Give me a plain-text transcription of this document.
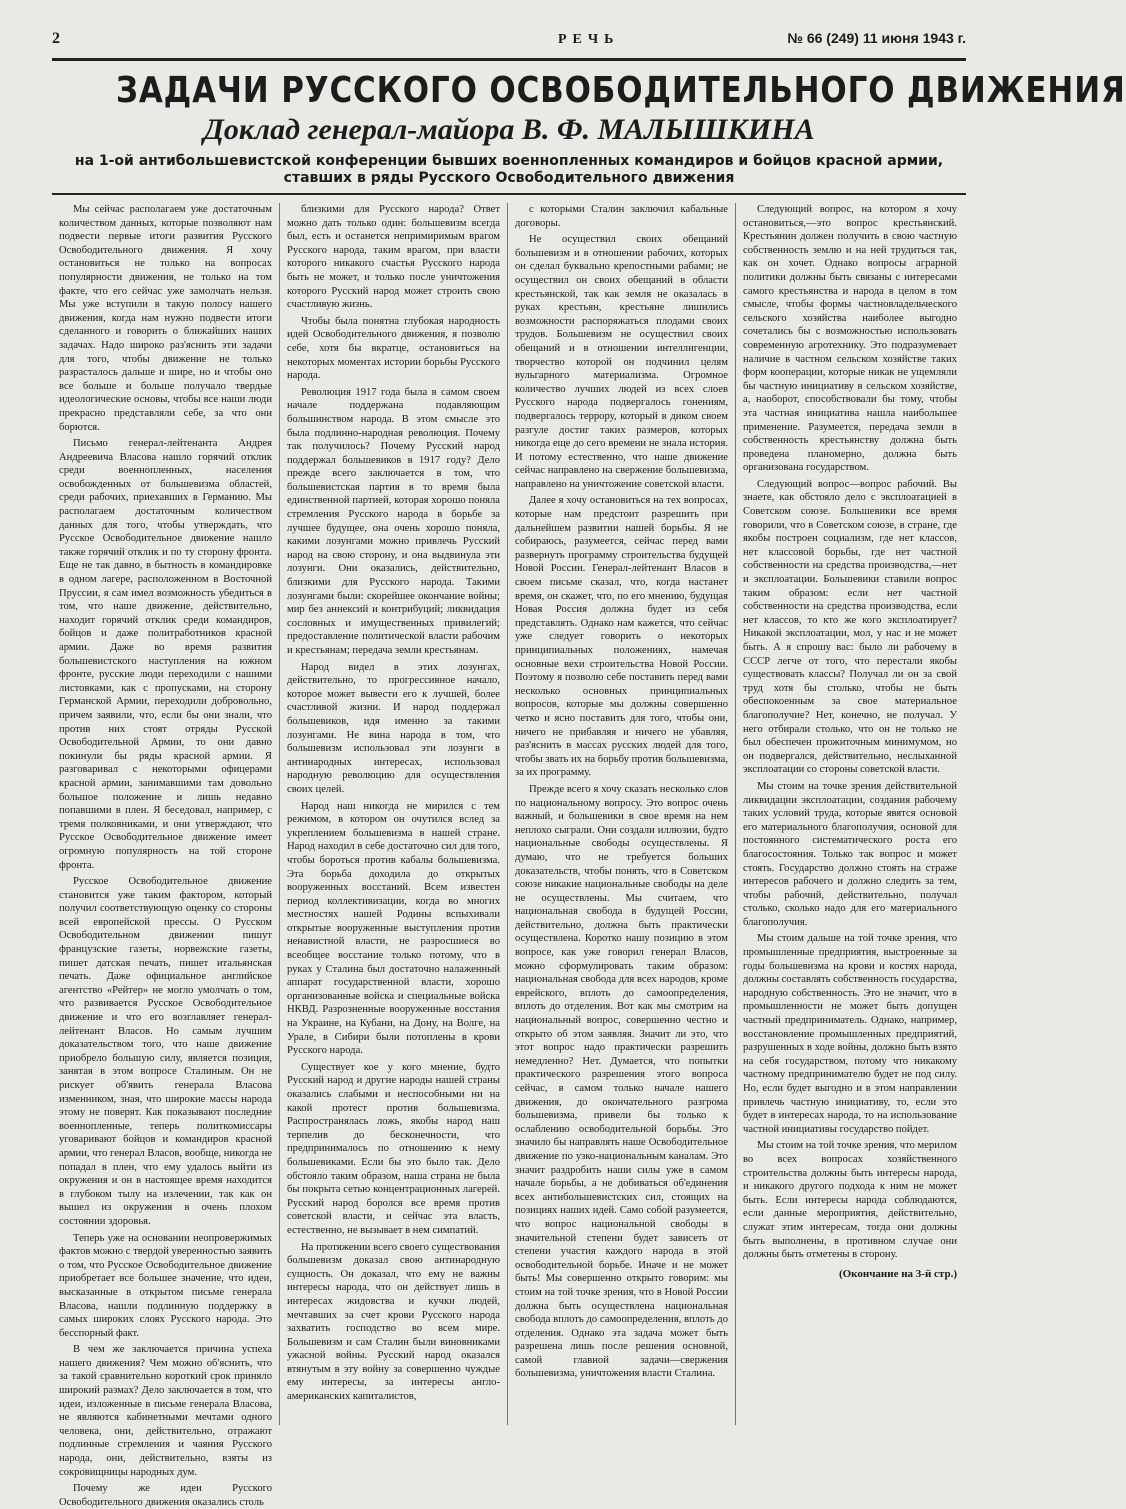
2	РЕЧЬ	№ 66 (249) 11 июня 1943 г.
ЗАДАЧИ РУССКОГО ОСВОБОДИТЕЛЬНОГО ДВИЖЕНИЯ
Доклад генерал-майора В. Ф. МАЛЫШКИНА
на 1-ой антибольшевистской конференции бывших военнопленных командиров и бойцов красной армии, ставших в ряды Русского Освободительного движения

Мы сейчас располагаем уже достаточным количеством данных, которые позволяют нам подвести первые итоги развития Русского Освободительного движения. Я хочу остановиться не только на вопросах популярности движения, не только на том факте, что его сейчас уже замолчать нельзя. Мы уже вступили в такую полосу нашего движения, когда нам нужно подвести итоги сделанного и говорить о ближайших наших задачах. Надо широко раз'яснить эти задачи для того, чтобы движение не только разрасталось дальше и шире, но и чтобы оно все больше и больше получало твердые идеологические основы, чтобы все наши люди прекрасно представляли себе, за что они борются.

Письмо генерал-лейтенанта Андрея Андреевича Власова нашло горячий отклик среди военнопленных, населения освобожденных от большевизма областей, среди рабочих, приехавших в Германию. Мы располагаем достаточным количеством данных для того, чтобы утверждать, что Русское Освободительное движение нашло также горячий отклик и по ту сторону фронта. Еще не так давно, в бытность в командировке в одном лагере, расположенном в Восточной Пруссии, я сам имел возможность убедиться в том, что наше движение, действительно, находит горячий отклик среди командиров, бойцов и даже политработников красной армии. Даже во время развития большевистского наступления на южном фронте, русские люди переходили с нашими листовками, как с пропусками, на сторону Германской Армии, переходили добровольно, причем заявили, что, если бы они знали, что против них стоят отряды Русской Освободительной Армии, то они давно покинули бы ряды красной армии. Я разговаривал с некоторыми офицерами красной армии, занимавшими там довольно большое положение и лишь недавно попавшими в плен. Я беседовал, например, с тремя полковниками, и они утверждают, что Русское Освободительное движение имеет огромную популярность на той стороне фронта.

Русское Освободительное движение становится уже таким фактором, который получил соответствующую оценку со стороны всей европейской прессы. О Русском Освободительном движении пишут французские газеты, норвежские газеты, пишет датская печать, пишет итальянская печать. Даже официальное английское агентство «Рейтер» не могло умолчать о том, что развивается Русское Освободительное движение и что его возглавляет генерал-лейтенант Власов. Но самым лучшим доказательством того, что наше движение приобрело большую силу, является позиция, занятая в этом вопросе Сталиным. Он не рискует об'явить генерала Власова изменником, зная, что широкие массы народа этому не поверят. Как показывают последние военнопленные, теперь политкомиссары уговаривают бойцов и командиров красной армии, что генерал Власов, вообще, никогда не попадал в плен, что ему удалось выйти из окружения и он в настоящее время находится в глубоком тылу на излечении, так как он вышел из окружения в очень плохом состоянии здоровья.

Теперь уже на основании неопровержимых фактов можно с твердой уверенностью заявить о том, что Русское Освободительное движение приобретает все большее значение, что идеи, высказанные в открытом письме генерала Власова, нашли подлинную поддержку в самых широких слоях Русского народа. Это бесспорный факт.

В чем же заключается причина успеха нашего движения? Чем можно об'яснить, что за такой сравнительно короткий срок приняло широкий размах? Дело заключается в том, что идеи, изложенные в письме генерала Власова, не являются кабинетными мечтами одного человека, они, действительно, отражают подлинные стремления и чаяния Русского народа, они, действительно, взяты из сокровищницы народных дум.

Почему же идеи Русского Освободительного движения оказались столь

близкими для Русского народа? Ответ можно дать только один: большевизм всегда был, есть и останется непримиримым врагом Русского народа, таким врагом, при власти которого никакого счастья Русского народа быть не может, и только после уничтожения которого Русский народ может строить свою счастливую жизнь.

Чтобы была понятна глубокая народность идей Освободительного движения, я позволю себе, хотя бы вкратце, остановиться на некоторых моментах истории борьбы Русского народа.

Революция 1917 года была в самом своем начале поддержана подавляющим большинством народа. В этом смысле это была подлинно-народная революция. Почему так получилось? Почему Русский народ поддержал большевиков в 1917 году? Дело прежде всего заключается в том, что большевистская партия в то время была единственной партией, которая хорошо поняла стремления Русского народа в борьбе за лучшее будущее, она очень хорошо поняла, какими лозунгами можно привлечь Русский народ на свою сторону, и она выдвинула эти лозунги. Они оказались, действительно, близкими для Русского народа. Такими лозунгами были: скорейшее окончание войны; мир без аннексий и контрибуций; ликвидация сословных и имущественных привилегий; предоставление политической власти рабочим и крестьянам; передача земли крестьянам.

Народ видел в этих лозунгах, действительно, то прогрессивное начало, которое может вывести его к лучшей, более счастливой жизни. И народ поддержал большевиков, идя именно за такими лозунгами. Не вина народа в том, что большевизм использовал эти лозунги в антинародных интересах, использовал народную революцию для осуществления своих целей.

Народ наш никогда не мирился с тем режимом, в котором он очутился вслед за укреплением большевизма в нашей стране. Народ находил в себе достаточно сил для того, чтобы бороться против кабалы большевизма. Эта борьба доходила до открытых вооруженных восстаний. Всем известен период коллективизации, когда во многих местностях нашей Родины вспыхивали открытые вооруженные выступления против ненавистной власти, не разросшиеся во всеобщее восстание только потому, что в руках у Сталина был достаточно налаженный аппарат государственной власти, хорошо организованные войска и специальные войска НКВД. Разрозненные вооруженные восстания на Украине, на Кубани, на Дону, на Волге, на Урале, в Сибири были потоплены в крови Русского народа.

Существует кое у кого мнение, будто Русский народ и другие народы нашей страны оказались слабыми и неспособными ни на какой протест против большевизма. Распространялась ложь, якобы народ наш терпелив до бесконечности, что предпринималось по отношению к нему большевиками. Если бы это было так. Дело обстояло таким образом, наша страна не была бы покрыта сетью концентрационных лагерей. Русский народ боролся все время против советской власти, и сейчас эта власть, естественно, не вызывает в нем симпатий.

На протяжении всего своего существования большевизм доказал свою антинародную сущность. Он доказал, что ему не важны интересы народа, что он действует лишь в интересах жидовства и кучки людей, мечтавших за счет крови Русского народа захватить господство во всем мире. Большевизм и сам Сталин были виновниками ужасной войны. Русский народ оказался втянутым в эту войну за совершенно чуждые ему интересы, за интересы англо-американских капиталистов,

с которыми Сталин заключил кабальные договоры.

Не осуществил своих обещаний большевизм и в отношении рабочих, которых он сделал буквально крепостными рабами; не осуществил он своих обещаний в области крестьянской, так как земля не оказалась в руках крестьян, крестьяне лишились возможности распоряжаться плодами своих трудов. Большевизм не осуществил своих обещаний и в отношении интеллигенции, творчество которой он подчинил целям вульгарного материализма. Огромное количество лучших людей из всех слоев Русского народа подвергалось гонениям, подвергалось террору, который в диком своем разгуле достиг таких размеров, которых никогда еще до сего времени не знала история. И потому естественно, что наше движение сейчас направлено на свержение большевизма, направлено на уничтожение советской власти.

Далее я хочу остановиться на тех вопросах, которые нам предстоит разрешить при дальнейшем развитии нашей борьбы. Я не собираюсь, разумеется, сейчас перед вами развернуть программу строительства будущей Новой России. Генерал-лейтенант Власов в своем письме сказал, что, когда настанет время, он скажет, что, по его мнению, будущая Новая Россия должна будет из себя представлять. Однако нам кажется, что сейчас уже следует говорить о некоторых принципиальных положениях, намечая основные вехи строительства Новой России. Поэтому я позволю себе поставить перед вами несколько основных принципиальных вопросов, которые мы должны совершенно четко и ясно поставить для того, чтобы они, ничего не прибавляя и ничего не убавляя, раз'яснить в массах русских людей для того, чтобы звать их на борьбу против большевизма, за их программу.

Прежде всего я хочу сказать несколько слов по национальному вопросу. Это вопрос очень важный, и большевики в свое время на нем неплохо сыграли. Они создали иллюзии, будто национальные свободы осуществлены. Я думаю, что не требуется больших доказательств, чтобы понять, что в Советском союзе никакие национальные свободы на деле не осуществлены. Мы считаем, что национальная свобода в будущей России, действительно, должна быть практически осуществлена. Коротко нашу позицию в этом вопросе, как уже говорил генерал Власов, можно сформулировать таким образом: национальная свобода для всех народов, кроме еврейского, вплоть до самоопределения, вплоть до отделения. Вот как мы смотрим на национальный вопрос, совершенно честно и открыто об этом заявляя. Значит ли это, что этот вопрос надо практически разрешить немедленно? Нет. Думается, что попытки практического разрешения этого вопроса сейчас, в самом только начале нашего движения, до окончательного разгрома большевизма, привели бы только к ослаблению освободительной борьбы. Это значило бы направлять наше Освободительное движение по узко-национальным каналам. Это значит раздробить наши силы уже в самом начале борьбы, а не добиваться об'единения всех антибольшевистских сил, стоящих на позициях наших идей. Само собой разумеется, что вопрос национальной свободы в значительной степени будет зависеть от степени участия каждого народа в этой освободительной борьбе. Иначе и не может быть! Мы совершенно открыто говорим: мы стоим на той точке зрения, что в Новой России должна быть осуществлена национальная свобода вплоть до самоопределения, вплоть до отделения. Однако эта задача может быть разрешена лишь после решения основной, самой главной задачи—свержения большевизма, уничтожения власти Сталина.

Следующий вопрос, на котором я хочу остановиться,—это вопрос крестьянский. Крестьянин должен получить в свою частную собственность землю и на ней трудиться так, как он хочет. Однако вопросы аграрной политики должны быть связаны с интересами самого крестьянства и народа в целом в том смысле, чтобы формы частновладельческого сельского хозяйства наиболее выгодно сочетались бы с возможностью использовать современную агротехнику. Это подразумевает наличие в частном сельском хозяйстве таких форм кооперации, которые никак не ущемляли бы частную инициативу в сельском хозяйстве, а, наоборот, способствовали бы тому, чтобы эта частная инициатива нашла наибольшее применение. Разумеется, передача земли в собственность крестьянству должна быть проведена планомерно, должна быть организована государством.

Следующий вопрос—вопрос рабочий. Вы знаете, как обстояло дело с эксплоатацией в Советском союзе. Большевики все время говорили, что в Советском союзе, в стране, где якобы построен социализм, где нет классов, нет классовой борьбы, где нет частной собственности на средства производства,—нет и эксплоатации. Большевики ставили вопрос таким образом: если нет частной собственности на средства производства, если нет классов, то кто же кого эксплоатирует? Никакой эксплоатации, мол, у нас и не может быть. А я спрошу вас: было ли рабочему в СССР легче от того, что перестали якобы существовать классы? Получал ли он за свой труд хотя бы столько, чтобы не быть обеспокоенным за свое материальное благополучие? Нет, конечно, не получал. У него отбирали столько, что он не только не был обеспечен прожиточным минимумом, но он подвергался, действительно, неслыханной эксплоатации со стороны советской власти.

Мы стоим на точке зрения действительной ликвидации эксплоатации, создания рабочему таких условий труда, которые явятся основой его материального благополучия, основой для постоянного систематического роста его благосостояния. Только так вопрос и может стоять. Государство должно стоять на страже интересов рабочего и должно следить за тем, чтобы рабочий, действительно, получал столько, сколько надо для его материального благополучия.

Мы стоим дальше на той точке зрения, что промышленные предприятия, выстроенные за годы большевизма на крови и костях народа, должны составлять собственность государства, народную собственность. Это не значит, что в промышленности не может быть допущен частный предприниматель. Однако, например, восстановление промышленных предприятий, разрушенных в ходе войны, должно быть взято на себя государством, потому что никакому частному предпринимателю будет не под силу. Но, если будет выгодно и в этом направлении привлечь частную инициативу, то, если это будет в интересах народа, то на использование частной инициативы государство пойдет.

Мы стоим на той точке зрения, что мерилом во всех вопросах хозяйственного строительства должны быть интересы народа, и никакого другого подхода к ним не может быть. Если интересы народа соблюдаются, если данные мероприятия, действительно, служат этим интересам, тогда они должны быть выполнены, в противном случае они должны быть отметены в сторону.

(Окончание на 3-й стр.)
